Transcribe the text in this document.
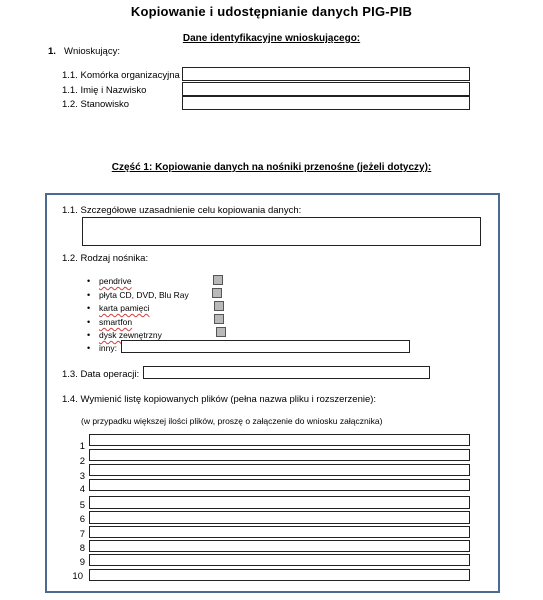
Kopiowanie i udostępnianie danych PIG-PIB
Dane identyfikacyjne wnioskującego:
1. Wnioskujący:
1.1. Komórka organizacyjna
1.1. Imię i Nazwisko
1.2. Stanowisko
Część 1: Kopiowanie danych na nośniki przenośne (jeżeli dotyczy):
1.1. Szczegółowe uzasadnienie celu kopiowania danych:
1.2. Rodzaj nośnika:
• pendrive
• płyta CD, DVD, Blu Ray
• karta pamięci
• smartfon
• dysk zewnętrzny
• inny:
1.3. Data operacji:
1.4. Wymienić listę kopiowanych plików (pełna nazwa pliku i rozszerzenie):
(w przypadku większej ilości plików, proszę o załączenie do wniosku załącznika)
1
2
3
4
5
6
7
8
9
10
